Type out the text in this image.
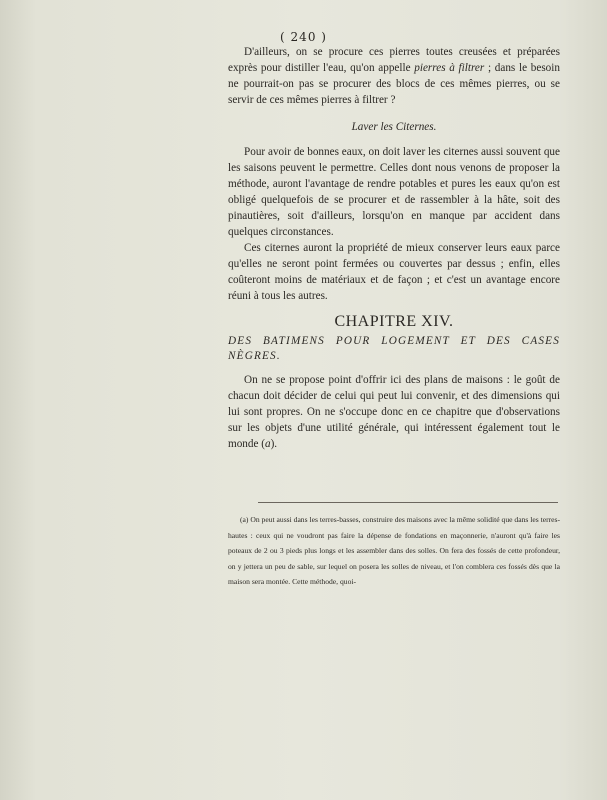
( 240 )

D'ailleurs, on se procure ces pierres toutes creusées et préparées exprès pour distiller l'eau, qu'on appelle pierres à filtrer ; dans le besoin ne pourrait-on pas se procurer des blocs de ces mêmes pierres, ou se servir de ces mêmes pierres à filtrer ?

Laver les Citernes.

Pour avoir de bonnes eaux, on doit laver les citernes aussi souvent que les saisons peuvent le permettre. Celles dont nous venons de proposer la méthode, auront l'avantage de rendre potables et pures les eaux qu'on est obligé quelquefois de se procurer et de rassembler à la hâte, soit des pinautières, soit d'ailleurs, lorsqu'on en manque par accident dans quelques circonstances.

Ces citernes auront la propriété de mieux conserver leurs eaux parce qu'elles ne seront point fermées ou couvertes par dessus ; enfin, elles coûteront moins de matériaux et de façon ; et c'est un avantage encore réuni à tous les autres.

CHAPITRE XIV.
DES BATIMENS POUR LOGEMENT ET DES CASES NÈGRES.

On ne se propose point d'offrir ici des plans de maisons : le goût de chacun doit décider de celui qui peut lui convenir, et des dimensions qui lui sont propres. On ne s'occupe donc en ce chapitre que d'observations sur les objets d'une utilité générale, qui intéressent également tout le monde (a).

(a) On peut aussi dans les terres-basses, construire des maisons avec la même solidité que dans les terres-hautes : ceux qui ne voudront pas faire la dépense de fondations en maçonnerie, n'auront qu'à faire les poteaux de 2 ou 3 pieds plus longs et les assembler dans des solles. On fera des fossés de cette profondeur, on y jettera un peu de sable, sur lequel on posera les solles de niveau, et l'on comblera ces fossés dès que la maison sera montée. Cette méthode, quoi-
